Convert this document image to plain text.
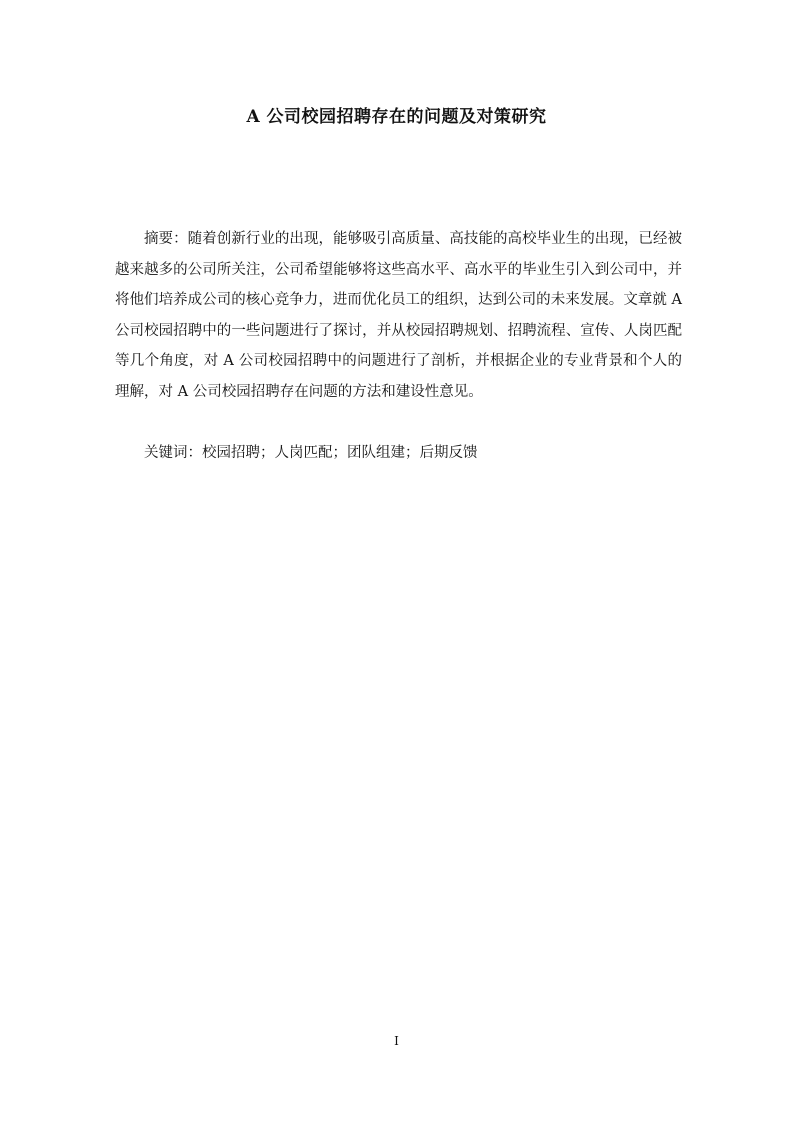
A 公司校园招聘存在的问题及对策研究

摘要：随着创新行业的出现，能够吸引高质量、高技能的高校毕业生的出现，已经被越来越多的公司所关注，公司希望能够将这些高水平、高水平的毕业生引入到公司中，并将他们培养成公司的核心竞争力，进而优化员工的组织，达到公司的未来发展。文章就 A 公司校园招聘中的一些问题进行了探讨，并从校园招聘规划、招聘流程、宣传、人岗匹配等几个角度，对 A 公司校园招聘中的问题进行了剖析，并根据企业的专业背景和个人的理解，对 A 公司校园招聘存在问题的方法和建设性意见。

关键词：校园招聘；人岗匹配；团队组建；后期反馈

I
